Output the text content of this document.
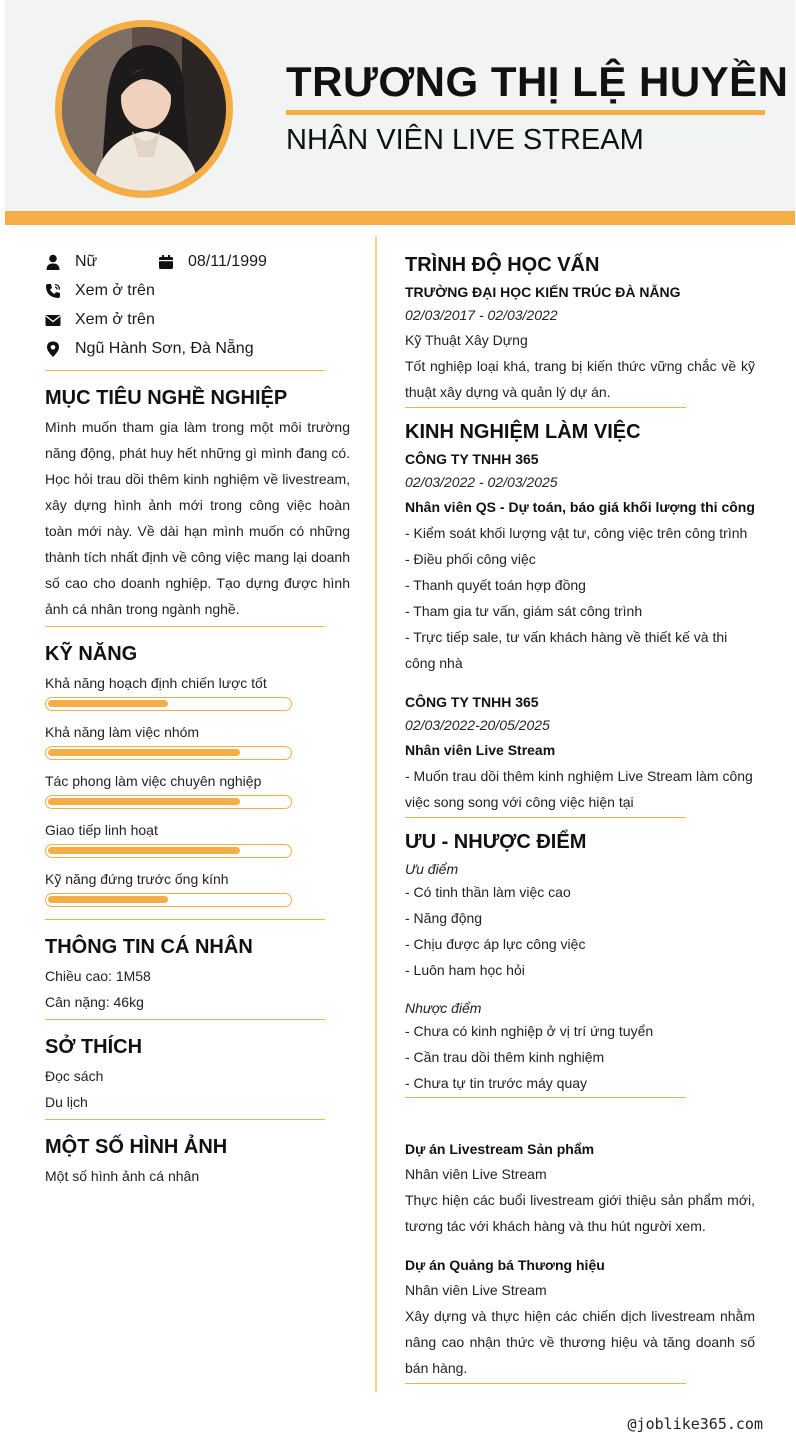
TRƯƠNG THỊ LỆ HUYỀN
NHÂN VIÊN LIVE STREAM
Nữ	08/11/1999
Xem ở trên
Xem ở trên
Ngũ Hành Sơn, Đà Nẵng
MỤC TIÊU NGHỀ NGHIỆP
Mình muốn tham gia làm trong một môi trường năng động, phát huy hết những gì mình đang có. Học hỏi trau dồi thêm kinh nghiệm về livestream, xây dựng hình ảnh mới trong công việc hoàn toàn mới này. Về dài hạn mình muốn có những thành tích nhất định về công việc mang lại doanh số cao cho doanh nghiệp. Tạo dựng được hình ảnh cá nhân trong ngành nghề.
KỸ NĂNG
Khả năng hoạch định chiến lược tốt
Khả năng làm việc nhóm
Tác phong làm việc chuyên nghiệp
Giao tiếp linh hoạt
Kỹ năng đứng trước ống kính
THÔNG TIN CÁ NHÂN
Chiều cao: 1M58
Cân nặng: 46kg
SỞ THÍCH
Đọc sách
Du lịch
MỘT SỐ HÌNH ẢNH
Một số hình ảnh cá nhân
TRÌNH ĐỘ HỌC VẤN
TRƯỜNG ĐẠI HỌC KIẾN TRÚC ĐÀ NẴNG
02/03/2017 - 02/03/2022
Kỹ Thuật Xây Dựng
Tốt nghiệp loại khá, trang bị kiến thức vững chắc về kỹ thuật xây dựng và quản lý dự án.
KINH NGHIỆM LÀM VIỆC
CÔNG TY TNHH 365
02/03/2022 - 02/03/2025
Nhân viên QS - Dự toán, báo giá khối lượng thi công
- Kiểm soát khối lượng vật tư, công việc trên công trình
- Điều phối công việc
- Thanh quyết toán hợp đồng
- Tham gia tư vấn, giám sát công trình
- Trực tiếp sale, tư vấn khách hàng về thiết kế và thi công nhà
CÔNG TY TNHH 365
02/03/2022-20/05/2025
Nhân viên Live Stream
- Muốn trau dồi thêm kinh nghiệm Live Stream làm công việc song song với công việc hiện tại
ƯU - NHƯỢC ĐIỂM
Ưu điểm
- Có tinh thần làm việc cao
- Năng động
- Chịu được áp lực công việc
- Luôn ham học hỏi
Nhược điểm
- Chưa có kinh nghiệp ở vị trí ứng tuyển
- Cần trau dồi thêm kinh nghiệm
- Chưa tự tin trước máy quay
Dự án Livestream Sản phẩm
Nhân viên Live Stream
Thực hiện các buổi livestream giới thiệu sản phẩm mới, tương tác với khách hàng và thu hút người xem.
Dự án Quảng bá Thương hiệu
Nhân viên Live Stream
Xây dựng và thực hiện các chiến dịch livestream nhằm nâng cao nhận thức về thương hiệu và tăng doanh số bán hàng.
@joblike365.com
